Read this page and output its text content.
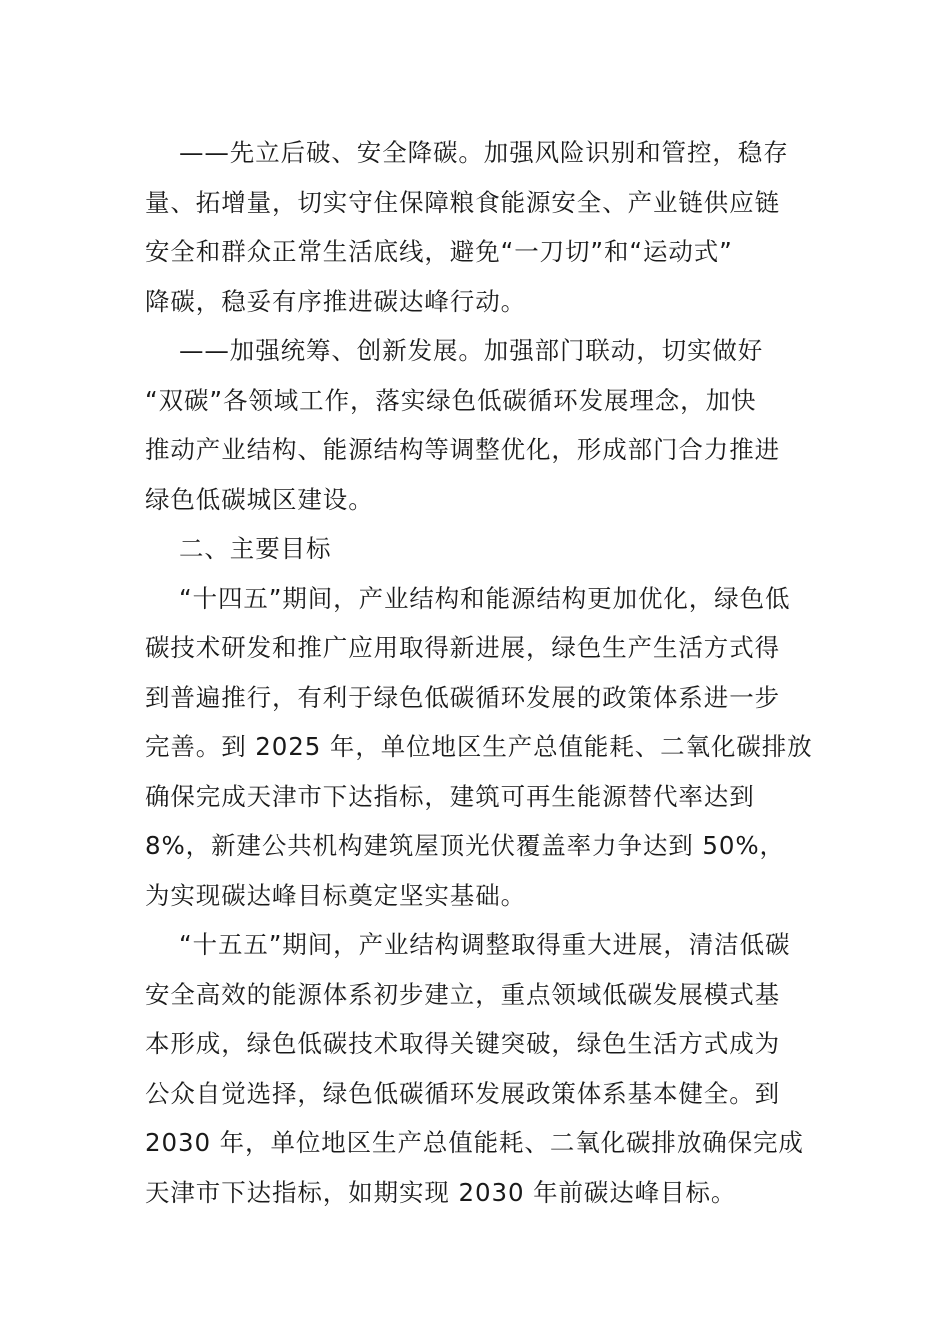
——先立后破、安全降碳。加强风险识别和管控，稳存
量、拓增量，切实守住保障粮食能源安全、产业链供应链
安全和群众正常生活底线，避免“一刀切”和“运动式”
降碳，稳妥有序推进碳达峰行动。

——加强统筹、创新发展。加强部门联动，切实做好
“双碳”各领域工作，落实绿色低碳循环发展理念，加快
推动产业结构、能源结构等调整优化，形成部门合力推进
绿色低碳城区建设。

二、主要目标

“十四五”期间，产业结构和能源结构更加优化，绿色低
碳技术研发和推广应用取得新进展，绿色生产生活方式得
到普遍推行，有利于绿色低碳循环发展的政策体系进一步
完善。到 2025 年，单位地区生产总值能耗、二氧化碳排放
确保完成天津市下达指标，建筑可再生能源替代率达到
8%，新建公共机构建筑屋顶光伏覆盖率力争达到 50%，
为实现碳达峰目标奠定坚实基础。

“十五五”期间，产业结构调整取得重大进展，清洁低碳
安全高效的能源体系初步建立，重点领域低碳发展模式基
本形成，绿色低碳技术取得关键突破，绿色生活方式成为
公众自觉选择，绿色低碳循环发展政策体系基本健全。到
2030 年，单位地区生产总值能耗、二氧化碳排放确保完成
天津市下达指标，如期实现 2030 年前碳达峰目标。
